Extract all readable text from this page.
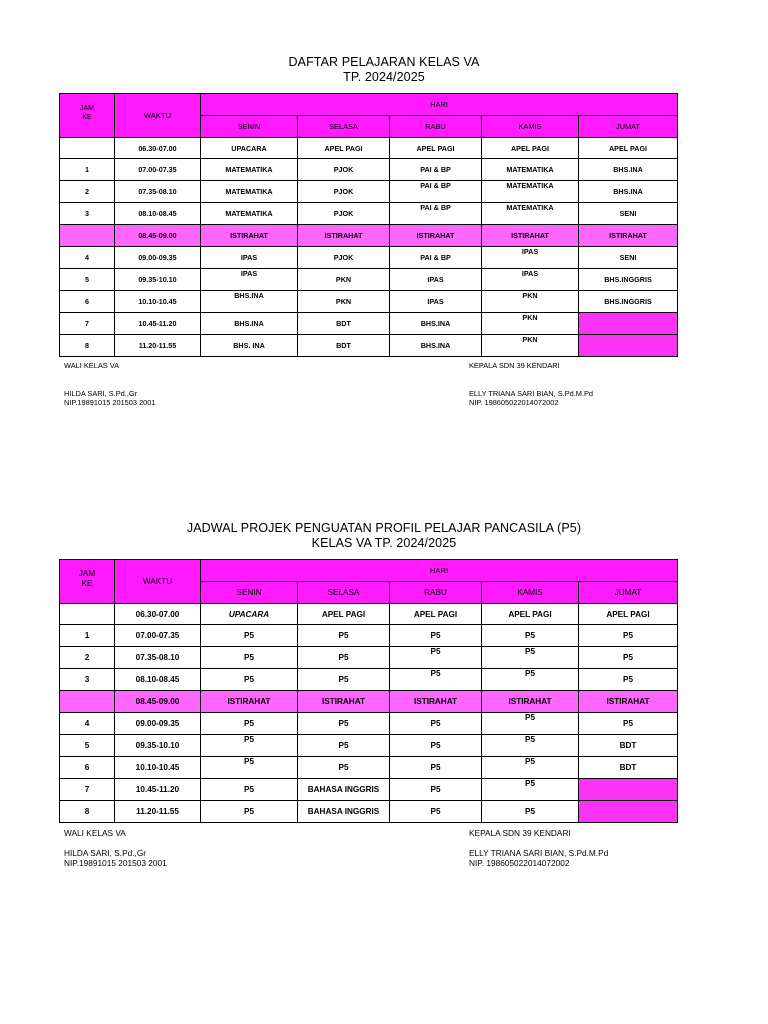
DAFTAR PELAJARAN KELAS VA
TP. 2024/2025
JAM
KE	WAKTU	HARI				
		SENIN	SELASA	RABU	KAMIS	JUMAT
	06.30-07.00	UPACARA	APEL PAGI	APEL PAGI	APEL PAGI	APEL PAGI
1	07.00-07.35	MATEMATIKA	PJOK	PAI & BP	MATEMATIKA	BHS.INA
2	07.35-08.10	MATEMATIKA	PJOK	PAI & BP	MATEMATIKA	BHS.INA
3	08.10-08.45	MATEMATIKA	PJOK	PAI & BP	MATEMATIKA	SENI
	08.45-09.00	ISTIRAHAT	ISTIRAHAT	ISTIRAHAT	ISTIRAHAT	ISTIRAHAT
4	09.00-09.35	IPAS	PJOK	PAI & BP	IPAS	SENI
5	09.35-10.10	IPAS	PKN	IPAS	IPAS	BHS.INGGRIS
6	10.10-10.45	BHS.INA	PKN	IPAS	PKN	BHS.INGGRIS
7	10.45-11.20	BHS.INA	BDT	BHS.INA	PKN	

8	11.20-11.55	BHS. INA	BDT	BHS.INA	PKN	

WALI KELAS VA
HILDA SARI, S.Pd.,Gr
NIP.19891015 201503 2001
KEPALA SDN 39 KENDARI
ELLY TRIANA SARI BIAN, S.Pd.M.Pd
NIP. 198605022014072002
JADWAL PROJEK PENGUATAN PROFIL PELAJAR PANCASILA (P5)
KELAS VA TP. 2024/2025
JAM
KE	WAKTU	HARI				
		SENIN	SELASA	RABU	KAMIS	JUMAT
	06.30-07.00	UPACARA	APEL PAGI	APEL PAGI	APEL PAGI	APEL PAGI
1	07.00-07.35	P5	P5	P5	P5	P5
2	07.35-08.10	P5	P5	P5	P5	P5
3	08.10-08.45	P5	P5	P5	P5	P5
	08.45-09.00	ISTIRAHAT	ISTIRAHAT	ISTIRAHAT	ISTIRAHAT	ISTIRAHAT
4	09.00-09.35	P5	P5	P5	P5	P5
5	09.35-10.10	P5	P5	P5	P5	BDT
6	10.10-10.45	P5	P5	P5	P5	BDT
7	10.45-11.20	P5	BAHASA INGGRIS	P5	P5	

8	11.20-11.55	P5	BAHASA INGGRIS	P5	P5	
WALI KELAS VA
HILDA SARI, S.Pd.,Gr
NIP.19891015 201503 2001
KEPALA SDN 39 KENDARI
ELLY TRIANA SARI BIAN, S.Pd.M.Pd
NIP. 198605022014072002
